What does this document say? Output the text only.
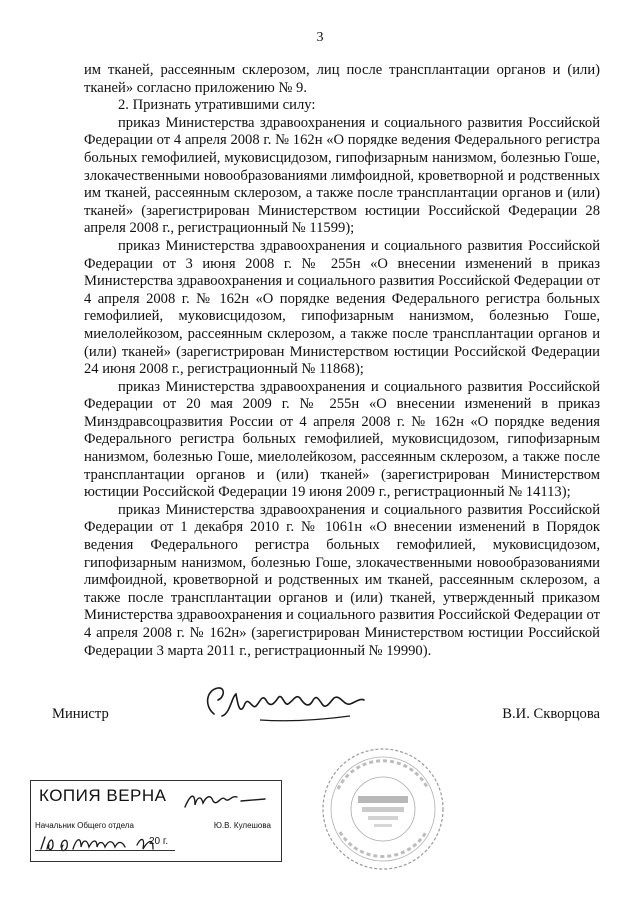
3

им тканей, рассеянным склерозом, лиц после трансплантации органов и (или) тканей» согласно приложению № 9.

2. Признать утратившими силу:

приказ Министерства здравоохранения и социального развития Российской Федерации от 4 апреля 2008 г. № 162н «О порядке ведения Федерального регистра больных гемофилией, муковисцидозом, гипофизарным нанизмом, болезнью Гоше, злокачественными новообразованиями лимфоидной, кроветворной и родственных им тканей, рассеянным склерозом, а также после трансплантации органов и (или) тканей» (зарегистрирован Министерством юстиции Российской Федерации 28 апреля 2008 г., регистрационный № 11599);

приказ Министерства здравоохранения и социального развития Российской Федерации от 3 июня 2008 г. № 255н «О внесении изменений в приказ Министерства здравоохранения и социального развития Российской Федерации от 4 апреля 2008 г. № 162н «О порядке ведения Федерального регистра больных гемофилией, муковисцидозом, гипофизарным нанизмом, болезнью Гоше, миелолейкозом, рассеянным склерозом, а также после трансплантации органов и (или) тканей» (зарегистрирован Министерством юстиции Российской Федерации 24 июня 2008 г., регистрационный № 11868);

приказ Министерства здравоохранения и социального развития Российской Федерации от 20 мая 2009 г. № 255н «О внесении изменений в приказ Минздравсоцразвития России от 4 апреля 2008 г. № 162н «О порядке ведения Федерального регистра больных гемофилией, муковисцидозом, гипофизарным нанизмом, болезнью Гоше, миелолейкозом, рассеянным склерозом, а также после трансплантации органов и (или) тканей» (зарегистрирован Министерством юстиции Российской Федерации 19 июня 2009 г., регистрационный № 14113);

приказ Министерства здравоохранения и социального развития Российской Федерации от 1 декабря 2010 г. № 1061н «О внесении изменений в Порядок ведения Федерального регистра больных гемофилией, муковисцидозом, гипофизарным нанизмом, болезнью Гоше, злокачественными новообразованиями лимфоидной, кроветворной и родственных им тканей, рассеянным склерозом, а также после трансплантации органов и (или) тканей, утвержденный приказом Министерства здравоохранения и социального развития Российской Федерации от 4 апреля 2008 г. № 162н» (зарегистрирован Министерством юстиции Российской Федерации 3 марта 2011 г., регистрационный № 19990).

Министр	В.И. Скворцова
КОПИЯ ВЕРНА
Начальник Общего отдела	Ю.В. Кулешова
20 г.
